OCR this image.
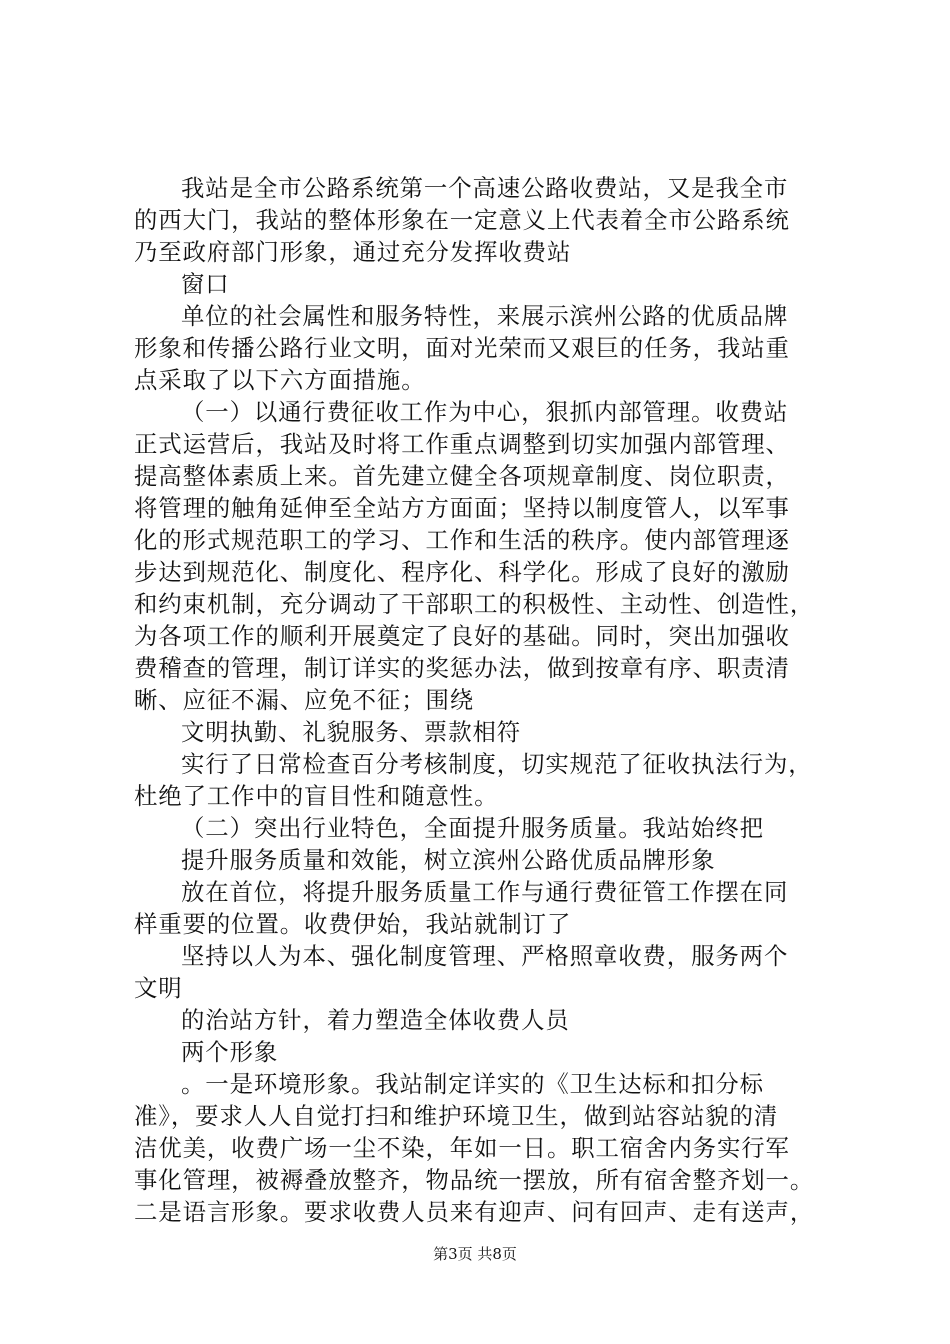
我站是全市公路系统第一个高速公路收费站，又是我全市
的西大门，我站的整体形象在一定意义上代表着全市公路系统
乃至政府部门形象，通过充分发挥收费站
窗口
单位的社会属性和服务特性，来展示滨州公路的优质品牌
形象和传播公路行业文明，面对光荣而又艰巨的任务，我站重
点采取了以下六方面措施。
（一）以通行费征收工作为中心，狠抓内部管理。收费站
正式运营后，我站及时将工作重点调整到切实加强内部管理、
提高整体素质上来。首先建立健全各项规章制度、岗位职责，
将管理的触角延伸至全站方方面面；坚持以制度管人，以军事
化的形式规范职工的学习、工作和生活的秩序。使内部管理逐
步达到规范化、制度化、程序化、科学化。形成了良好的激励
和约束机制，充分调动了干部职工的积极性、主动性、创造性，
为各项工作的顺利开展奠定了良好的基础。同时，突出加强收
费稽查的管理，制订详实的奖惩办法，做到按章有序、职责清
晰、应征不漏、应免不征；围绕
文明执勤、礼貌服务、票款相符
实行了日常检查百分考核制度，切实规范了征收执法行为，
杜绝了工作中的盲目性和随意性。
（二）突出行业特色，全面提升服务质量。我站始终把
提升服务质量和效能，树立滨州公路优质品牌形象
放在首位，将提升服务质量工作与通行费征管工作摆在同
样重要的位置。收费伊始，我站就制订了
坚持以人为本、强化制度管理、严格照章收费，服务两个
文明
的治站方针，着力塑造全体收费人员
两个形象
。一是环境形象。我站制定详实的《卫生达标和扣分标
准》，要求人人自觉打扫和维护环境卫生，做到站容站貌的清
洁优美，收费广场一尘不染，年如一日。职工宿舍内务实行军
事化管理，被褥叠放整齐，物品统一摆放，所有宿舍整齐划一。
二是语言形象。要求收费人员来有迎声、问有回声、走有送声，
第3页 共8页
